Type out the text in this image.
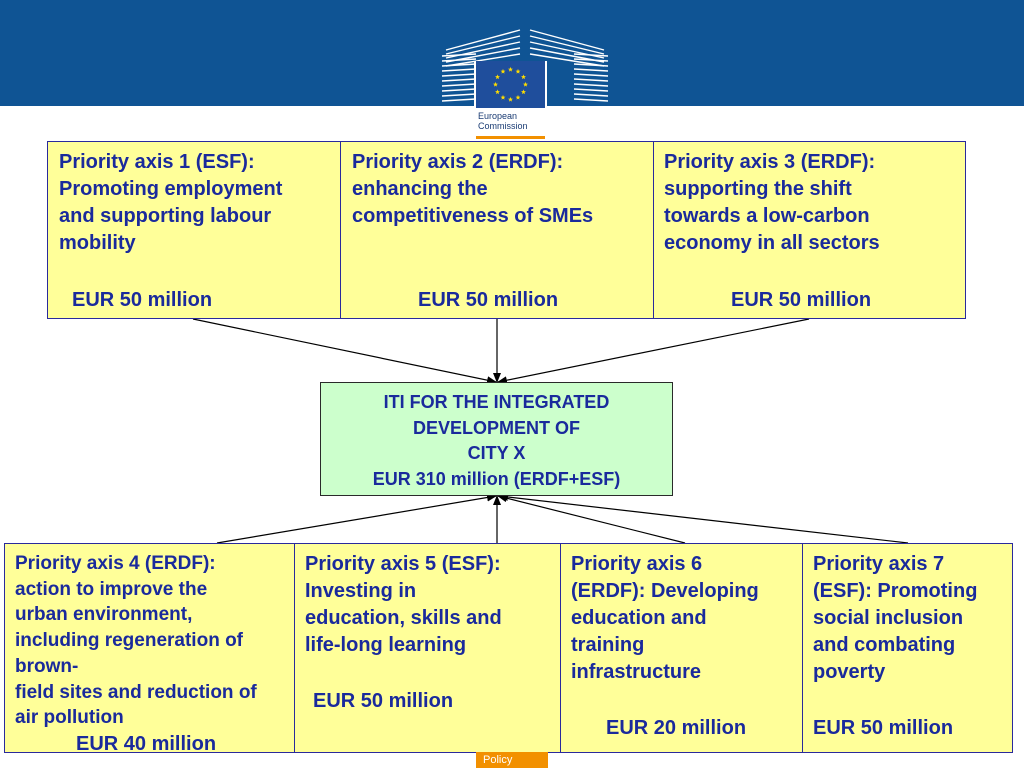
European
Commission
Priority axis 1 (ESF):
Promoting employment
and supporting labour
mobility
EUR 50 million
Priority axis 2 (ERDF):
enhancing the
competitiveness of SMEs
EUR 50 million
Priority axis 3 (ERDF):
supporting the shift
towards a low-carbon
economy in all sectors
EUR 50 million
ITI FOR THE INTEGRATED
DEVELOPMENT OF
CITY X
EUR 310 million (ERDF+ESF)
Priority axis 4 (ERDF):
action to improve the
urban environment,
including regeneration of
brown-
field sites and reduction of
air pollution
EUR 40 million
Priority axis 5 (ESF):
Investing in
education, skills and
life-long learning
EUR 50 million
Priority axis 6
(ERDF): Developing
education and
training
infrastructure
EUR 20 million
Priority axis 7
(ESF): Promoting
social inclusion
and combating
poverty
EUR 50 million
Policy
